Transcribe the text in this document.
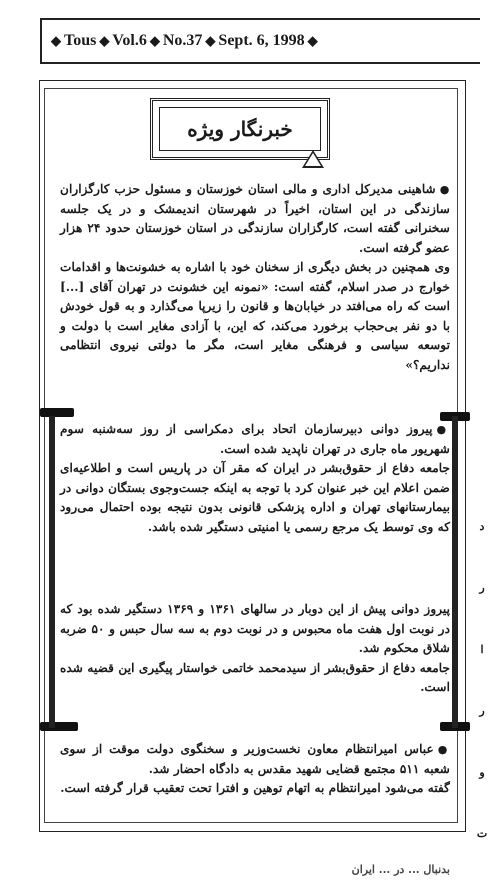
◆ Tous ◆ Vol.6 ◆ No.37 ◆ Sept. 6, 1998 ◆
خبرنگار ویژه

●شاهینی مدیرکل اداری و مالی استان خوزستان و مسئول حزب کارگزاران سازندگی در این استان، اخیراً در شهرستان اندیمشک و در یک جلسه سخنرانی گفته است، کارگزاران سازندگی در استان خوزستان حدود ۲۴ هزار عضو گرفته است.

وی همچنین در بخش دیگری از سخنان خود با اشاره به خشونت‌ها و اقدامات خوارج در صدر اسلام، گفته است: «نمونه این خشونت در تهران آقای [...] است که راه می‌افتد در خیابان‌ها و قانون را زیرپا می‌گذارد و به قول خودش با دو نفر بی‌حجاب برخورد می‌کند، که این، با آزادی مغایر است با دولت و توسعه سیاسی و فرهنگی مغایر است، مگر ما دولتی نیروی انتظامی نداریم؟»

●پیروز دوانی دبیرسازمان اتحاد برای دمکراسی از روز سه‌شنبه سوم شهریور ماه جاری در تهران ناپدید شده است.

جامعه دفاع از حقوق‌بشر در ایران که مقر آن در پاریس است و اطلاعیه‌ای ضمن اعلام این خبر عنوان کرد با توجه به اینکه جست‌وجوی بستگان دوانی در بیمارستانهای تهران و اداره پزشکی قانونی بدون نتیجه بوده احتمال می‌رود که وی توسط یک مرجع رسمی یا امنیتی دستگیر شده باشد.

پیروز دوانی پیش از این دوبار در سالهای ۱۳۶۱ و ۱۳۶۹ دستگیر شده بود که در نوبت اول هفت ماه محبوس و در نوبت دوم به سه سال حبس و ۵۰ ضربه شلاق محکوم شد.

جامعه دفاع از حقوق‌بشر از سیدمحمد خاتمی خواستار پیگیری این قضیه شده است.

●عباس امیرانتظام معاون نخست‌وزیر و سخنگوی دولت موقت از سوی شعبه ۵۱۱ مجتمع قضایی شهید مقدس به دادگاه احضار شد.

گفته می‌شود امیرانتظام به اتهام توهین و افترا تحت تعقیب قرار گرفته است.

بدنبال ... در ... ایران
د
ر
ا
ر
و
ت
